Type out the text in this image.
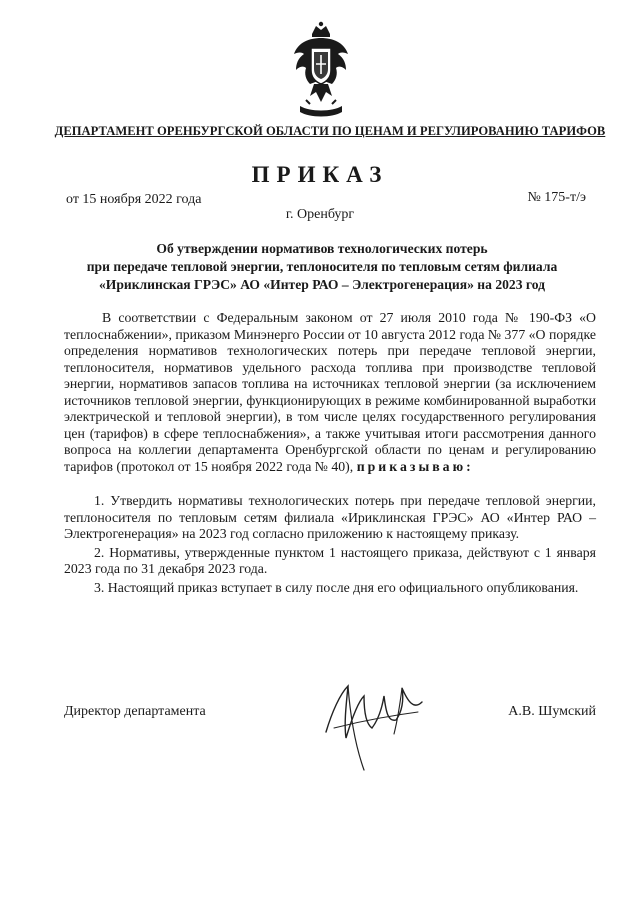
ДЕПАРТАМЕНТ ОРЕНБУРГСКОЙ ОБЛАСТИ ПО ЦЕНАМ И РЕГУЛИРОВАНИЮ ТАРИФОВ
ПРИКАЗ
от 15 ноября 2022 года	№ 175-т/э
г. Оренбург
Об утверждении нормативов технологических потерь
при передаче тепловой энергии, теплоносителя по тепловым сетям филиала
«Ириклинская ГРЭС» АО «Интер РАО – Электрогенерация» на 2023 год

В соответствии с Федеральным законом от 27 июля 2010 года № 190-ФЗ «О теплоснабжении», приказом Минэнерго России от 10 августа 2012 года № 377 «О порядке определения нормативов технологических потерь при передаче тепловой энергии, теплоносителя, нормативов удельного расхода топлива при производстве тепловой энергии, нормативов запасов топлива на источниках тепловой энергии (за исключением источников тепловой энергии, функционирующих в режиме комбинированной выработки электрической и тепловой энергии), в том числе целях государственного регулирования цен (тарифов) в сфере теплоснабжения», а также учитывая итоги рассмотрения данного вопроса на коллегии департамента Оренбургской области по ценам и регулированию тарифов (протокол от 15 ноября 2022 года № 40), приказываю:

1. Утвердить нормативы технологических потерь при передаче тепловой энергии, теплоносителя по тепловым сетям филиала «Ириклинская ГРЭС» АО «Интер РАО – Электрогенерация» на 2023 год согласно приложению к настоящему приказу.

2. Нормативы, утвержденные пунктом 1 настоящего приказа, действуют с 1 января 2023 года по 31 декабря 2023 года.

3. Настоящий приказ вступает в силу после дня его официального опубликования.

Директор департамента	А.В. Шумский
